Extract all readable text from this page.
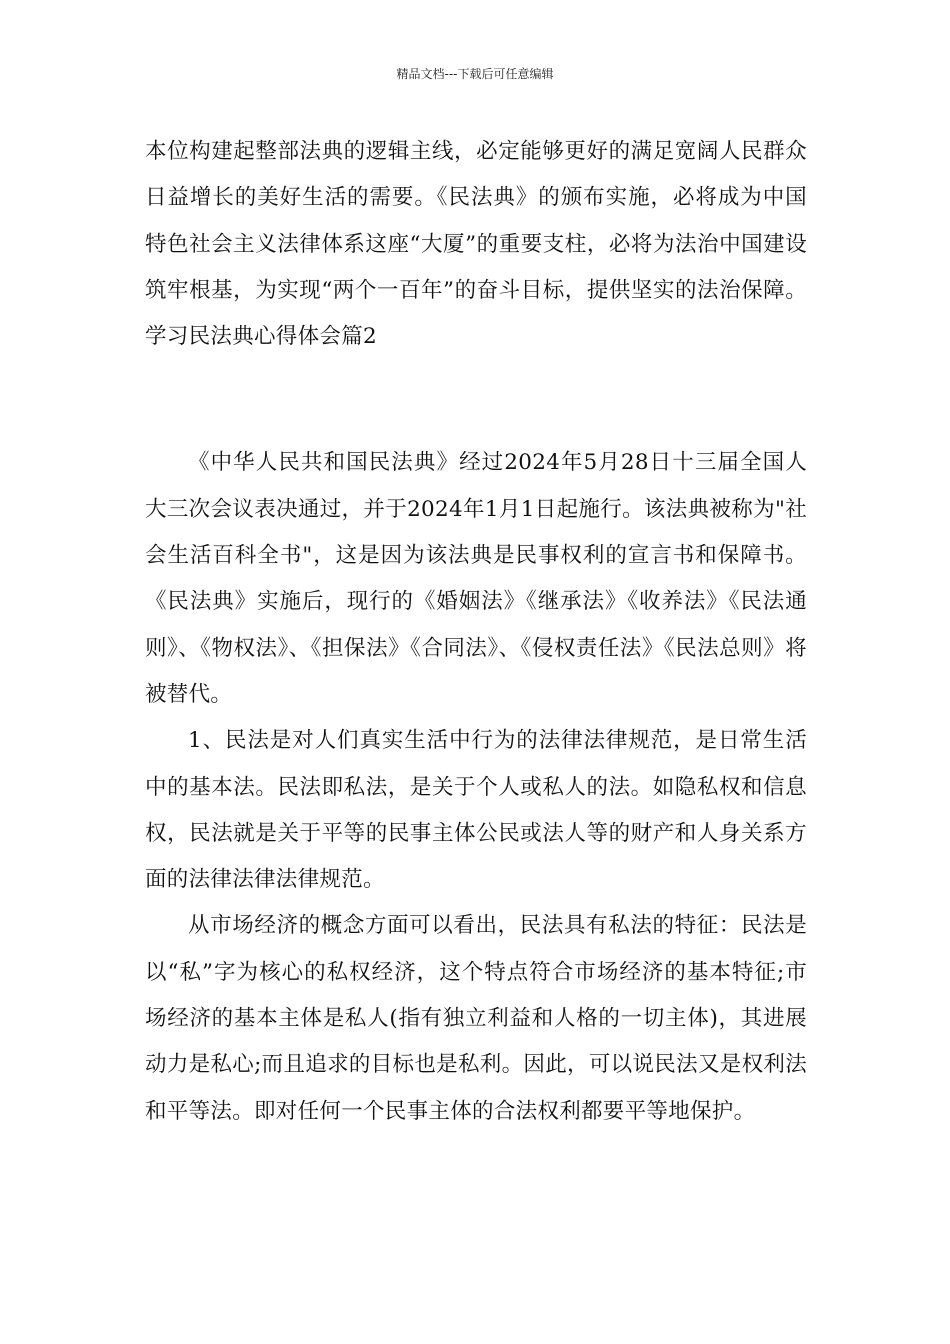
精品文档---下载后可任意编辑

本位构建起整部法典的逻辑主线，必定能够更好的满足宽阔人民群众日益增长的美好生活的需要。《民法典》的颁布实施，必将成为中国特色社会主义法律体系这座“大厦”的重要支柱，必将为法治中国建设筑牢根基，为实现“两个一百年”的奋斗目标，提供坚实的法治保障。学习民法典心得体会篇2

《中华人民共和国民法典》经过2024年5月28日十三届全国人大三次会议表决通过，并于2024年1月1日起施行。该法典被称为"社会生活百科全书"，这是因为该法典是民事权利的宣言书和保障书。《民法典》实施后，现行的《婚姻法》《继承法》《收养法》《民法通则》、《物权法》、《担保法》《合同法》、《侵权责任法》《民法总则》将被替代。

1、民法是对人们真实生活中行为的法律法律规范，是日常生活中的基本法。民法即私法，是关于个人或私人的法。如隐私权和信息权，民法就是关于平等的民事主体公民或法人等的财产和人身关系方面的法律法律法律规范。

从市场经济的概念方面可以看出，民法具有私法的特征：民法是以“私”字为核心的私权经济，这个特点符合市场经济的基本特征;市场经济的基本主体是私人(指有独立利益和人格的一切主体)，其进展动力是私心;而且追求的目标也是私利。因此，可以说民法又是权利法和平等法。即对任何一个民事主体的合法权利都要平等地保护。
